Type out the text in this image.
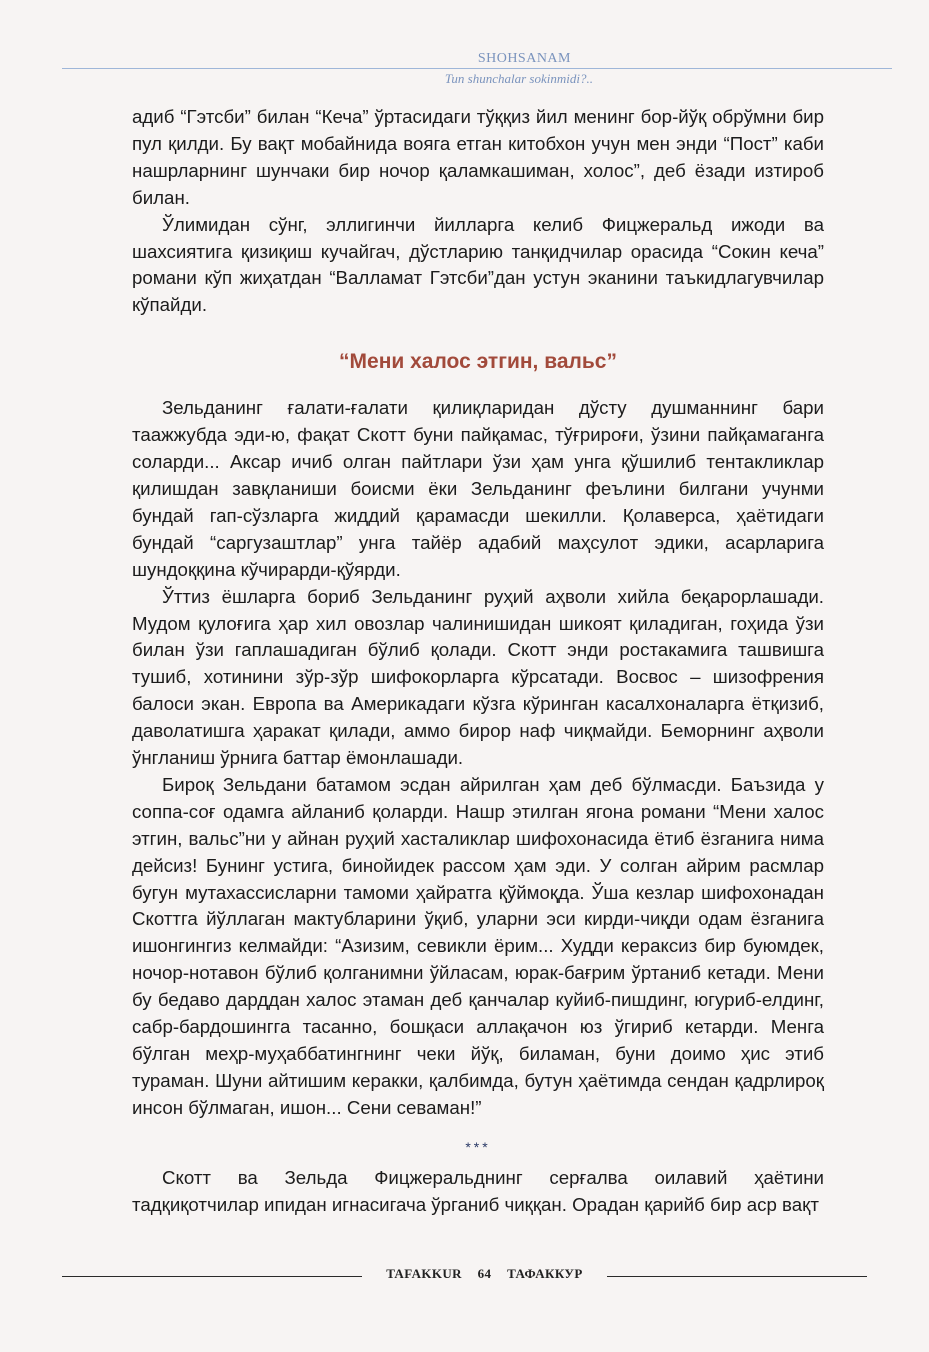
SHOHSANAM
Tun shunchalar sokinmidi?..

адиб “Гэтсби” билан “Кеча” ўртасидаги тўққиз йил менинг бор-йўқ обрўмни бир пул қилди. Бу вақт мобайнида вояга етган китобхон учун мен энди “Пост” каби нашрларнинг шунчаки бир ночор қаламкашиман, холос”, деб ёзади изтироб билан.

Ўлимидан сўнг, эллигинчи йилларга келиб Фицжеральд ижоди ва шахсиятига қизиқиш кучайгач, дўстларию танқидчилар орасида “Сокин кеча” романи кўп жиҳатдан “Валламат Гэтсби”дан устун эканини таъкидлагувчилар кўпайди.

“Мени халос этгин, вальс”

Зельданинг ғалати-ғалати қилиқларидан дўсту душманнинг бари таажжубда эди-ю, фақат Скотт буни пайқамас, тўғрироғи, ўзини пайқамаганга соларди... Аксар ичиб олган пайтлари ўзи ҳам унга қўшилиб тентакликлар қилишдан завқланиши боисми ёки Зельданинг феълини билгани учунми бундай гап-сўзларга жиддий қарамасди шекилли. Қолаверса, ҳаётидаги бундай “саргузаштлар” унга тайёр адабий маҳсулот эдики, асарларига шундоққина кўчирарди-қўярди.

Ўттиз ёшларга бориб Зельданинг руҳий аҳволи хийла беқарорлашади. Мудом қулоғига ҳар хил овозлар чалинишидан шикоят қиладиган, гоҳида ўзи билан ўзи гаплашадиган бўлиб қолади. Скотт энди ростакамига ташвишга тушиб, хотинини зўр-зўр шифокорларга кўрсатади. Восвос – шизофрения балоси экан. Европа ва Америкадаги кўзга кўринган касалхоналарга ётқизиб, даволатишга ҳаракат қилади, аммо бирор наф чиқмайди. Беморнинг аҳволи ўнгланиш ўрнига баттар ёмонлашади.

Бироқ Зельдани батамом эсдан айрилган ҳам деб бўлмасди. Баъзида у соппа-соғ одамга айланиб қоларди. Нашр этилган ягона романи “Мени халос этгин, вальс”ни у айнан руҳий хасталиклар шифохонасида ётиб ёзганига нима дейсиз! Бунинг устига, бинойидек рассом ҳам эди. У солган айрим расмлар бугун мутахассисларни тамоми ҳайратга қўймоқда. Ўша кезлар шифохонадан Скоттга йўллаган мактубларини ўқиб, уларни эси кирди-чиқди одам ёзганига ишонгингиз келмайди: “Азизим, севикли ёрим... Худди кераксиз бир буюмдек, ночор-нотавон бўлиб қолганимни ўйласам, юрак-бағрим ўртаниб кетади. Мени бу бедаво дарддан халос этаман деб қанчалар куйиб-пишдинг, югуриб-елдинг, сабр-бардошингга тасанно, бошқаси аллақачон юз ўгириб кетарди. Менга бўлган меҳр-муҳаббатингнинг чеки йўқ, биламан, буни доимо ҳис этиб тураман. Шуни айтишим керакки, қалбимда, бутун ҳаётимда сендан қадрлироқ инсон бўлмаган, ишон... Сени севаман!”

***

Скотт ва Зельда Фицжеральднинг серғалва оилавий ҳаётини тадқиқотчилар ипидан игнасигача ўрганиб чиққан. Орадан қарийб бир аср вақт

TAFAKKUR 64 ТАФАККУР
